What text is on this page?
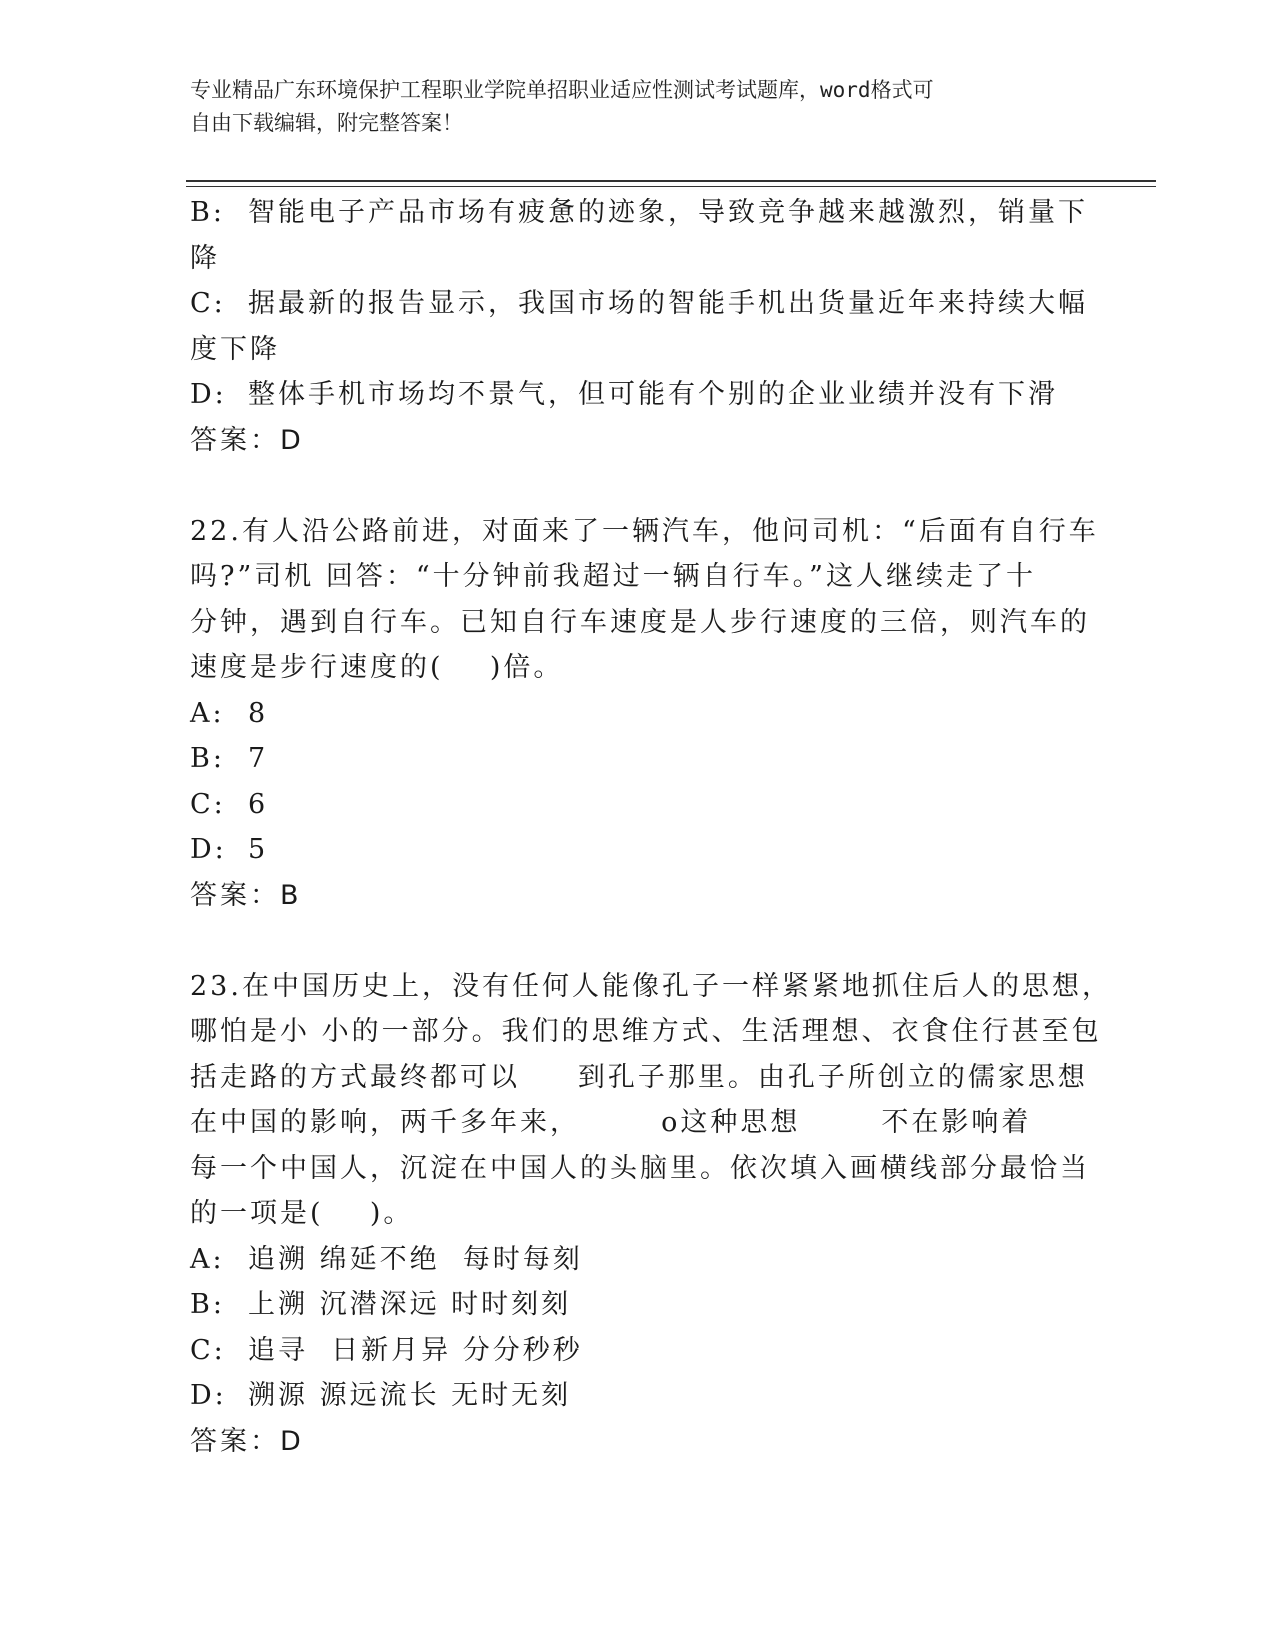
专业精品广东环境保护工程职业学院单招职业适应性测试考试题库，word格式可
自由下载编辑，附完整答案！
B: 智能电子产品市场有疲惫的迹象，导致竞争越来越激烈，销量下
降
C: 据最新的报告显示，我国市场的智能手机出货量近年来持续大幅
度下降
D: 整体手机市场均不景气，但可能有个别的企业业绩并没有下滑
答案：D
22.有人沿公路前进，对面来了一辆汽车，他问司机：“后面有自行车
吗?”司机 回答：“十分钟前我超过一辆自行车。”这人继续走了十
分钟，遇到自行车。已知自行车速度是人步行速度的三倍，则汽车的
速度是步行速度的(    )倍。
A: 8
B: 7
C: 6
D: 5
答案：B
23.在中国历史上，没有任何人能像孔子一样紧紧地抓住后人的思想，
哪怕是小 小的一部分。我们的思维方式、生活理想、衣食住行甚至包
括走路的方式最终都可以     到孔子那里。由孔子所创立的儒家思想
在中国的影响，两千多年来，       o这种思想       不在影响着
每一个中国人，沉淀在中国人的头脑里。依次填入画横线部分最恰当
的一项是(    )。
A: 追溯 绵延不绝  每时每刻
B: 上溯 沉潜深远 时时刻刻
C: 追寻  日新月异 分分秒秒
D: 溯源 源远流长 无时无刻
答案：D
